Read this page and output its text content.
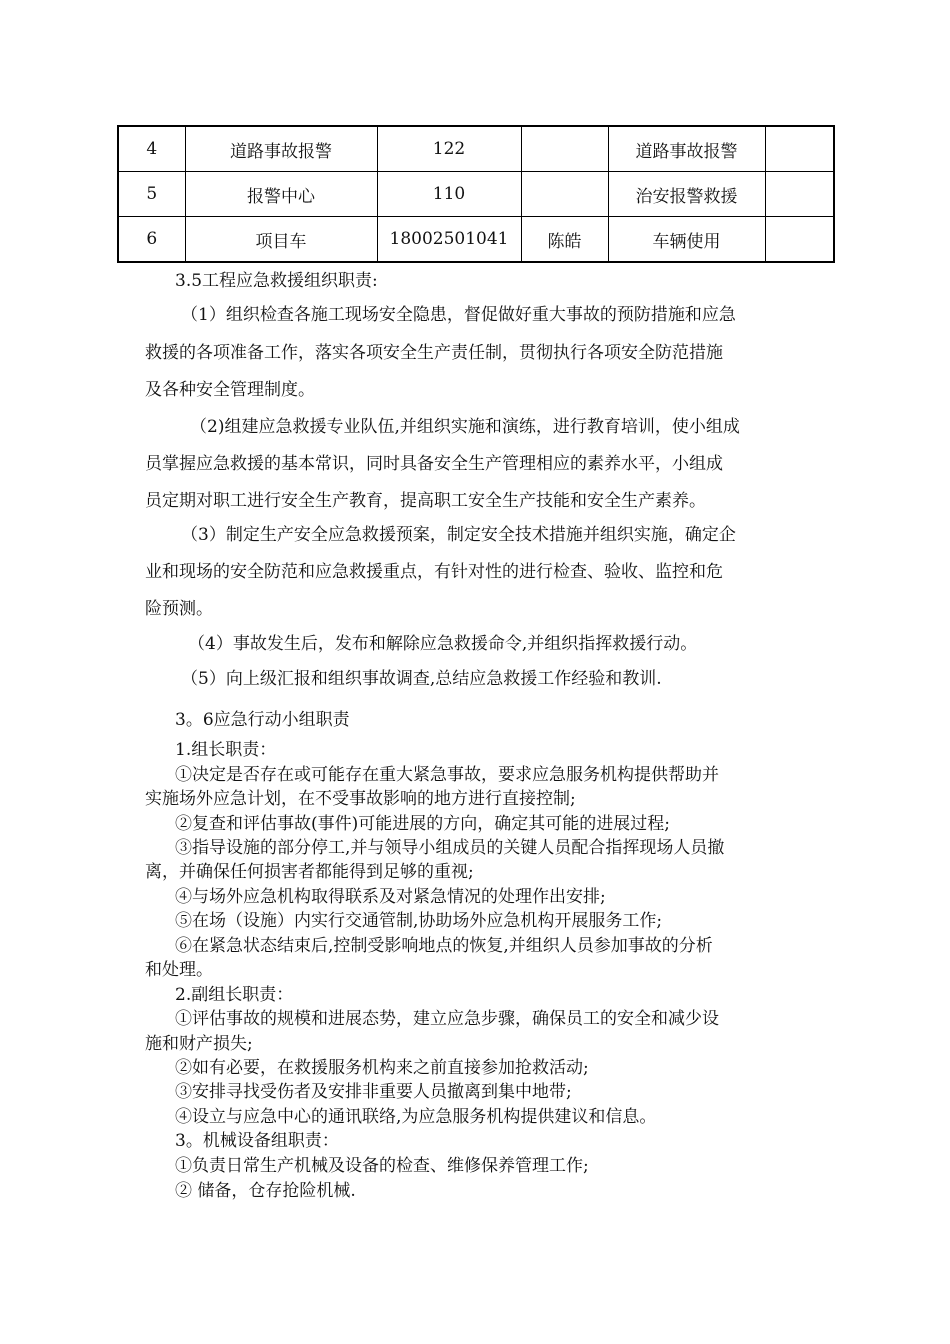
4	道路事故报警	122		道路事故报警	
5	报警中心	110		治安报警救援	
6	项目车	18002501041	陈皓	车辆使用	
3.5工程应急救援组织职责:
（1）组织检查各施工现场安全隐患，督促做好重大事故的预防措施和应急
救援的各项准备工作，落实各项安全生产责任制，贯彻执行各项安全防范措施
及各种安全管理制度。
（2)组建应急救援专业队伍,并组织实施和演练，进行教育培训，使小组成
员掌握应急救援的基本常识，同时具备安全生产管理相应的素养水平，小组成
员定期对职工进行安全生产教育，提高职工安全生产技能和安全生产素养。
（3）制定生产安全应急救援预案，制定安全技术措施并组织实施，确定企
业和现场的安全防范和应急救援重点，有针对性的进行检查、验收、监控和危
险预测。
（4）事故发生后，发布和解除应急救援命令,并组织指挥救援行动。
（5）向上级汇报和组织事故调查,总结应急救援工作经验和教训.
3。6应急行动小组职责
1.组长职责：
①决定是否存在或可能存在重大紧急事故，要求应急服务机构提供帮助并
实施场外应急计划，在不受事故影响的地方进行直接控制;
②复查和评估事故(事件)可能进展的方向，确定其可能的进展过程;
③指导设施的部分停工,并与领导小组成员的关键人员配合指挥现场人员撤
离，并确保任何损害者都能得到足够的重视;
④与场外应急机构取得联系及对紧急情况的处理作出安排;
⑤在场（设施）内实行交通管制,协助场外应急机构开展服务工作;
⑥在紧急状态结束后,控制受影响地点的恢复,并组织人员参加事故的分析
和处理。
2.副组长职责：
①评估事故的规模和进展态势，建立应急步骤，确保员工的安全和减少设
施和财产损失;
②如有必要，在救援服务机构来之前直接参加抢救活动;
③安排寻找受伤者及安排非重要人员撤离到集中地带;
④设立与应急中心的通讯联络,为应急服务机构提供建议和信息。
3。机械设备组职责：
①负责日常生产机械及设备的检查、维修保养管理工作;
② 储备，仓存抢险机械.
